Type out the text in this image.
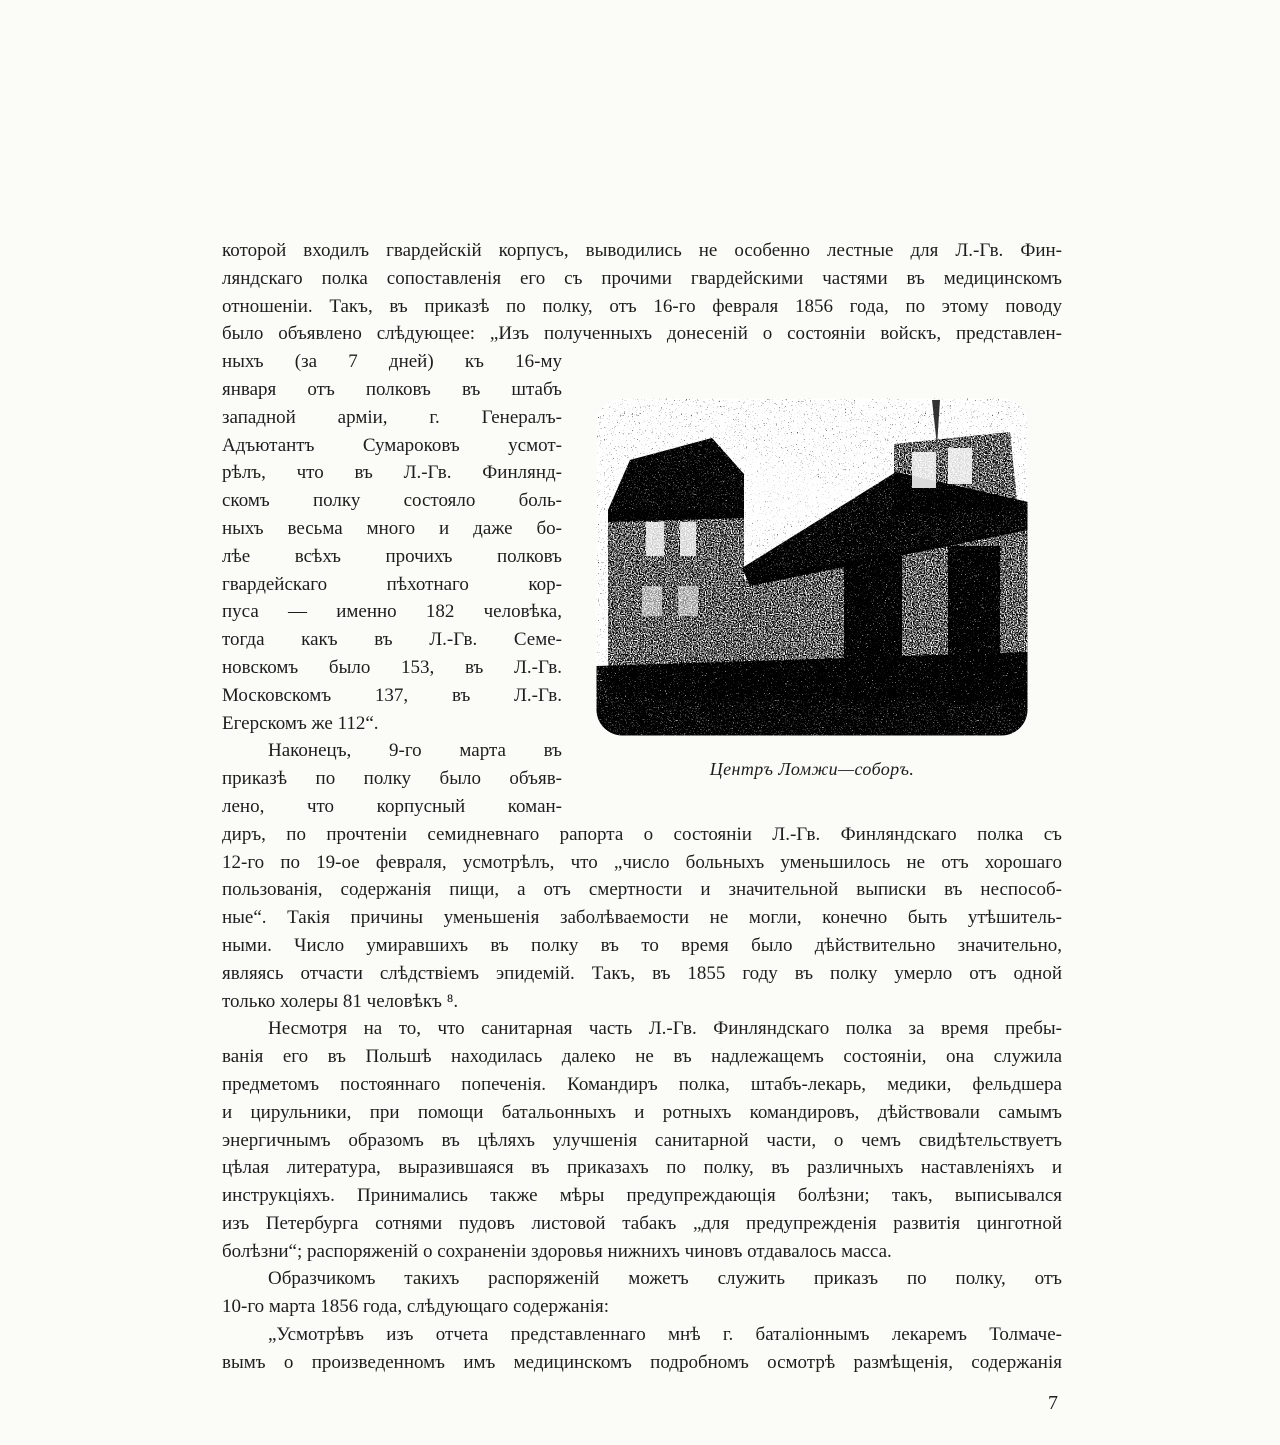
которой входилъ гвардейскій корпусъ, выводились не особенно лестные для Л.-Гв. Фин-
ляндскаго полка сопоставленія его съ прочими гвардейскими частями въ медицинскомъ
отношеніи. Такъ, въ приказѣ по полку, отъ 16-го февраля 1856 года, по этому поводу
было объявлено слѣдующее: „Изъ полученныхъ донесеній о состояніи войскъ, представлен-
Центръ Ломжи—соборъ.
ныхъ (за 7 дней) къ 16-му
января отъ полковъ въ штабъ
западной арміи, г. Генералъ-
Адъютантъ Сумароковъ усмот-
рѣлъ, что въ Л.-Гв. Финлянд-
скомъ полку состояло боль-
ныхъ весьма много и даже бо-
лѣе всѣхъ прочихъ полковъ
гвардейскаго пѣхотнаго кор-
пуса — именно 182 человѣка,
тогда какъ въ Л.-Гв. Семе-
новскомъ было 153, въ Л.-Гв.
Московскомъ 137, въ Л.-Гв.
Егерскомъ же 112“.
Наконецъ, 9-го марта въ
приказѣ по полку было объяв-
лено, что корпусный коман-
диръ, по прочтеніи семидневнаго рапорта о состояніи Л.-Гв. Финляндскаго полка съ
12-го по 19-ое февраля, усмотрѣлъ, что „число больныхъ уменьшилось не отъ хорошаго
пользованія, содержанія пищи, а отъ смертности и значительной выписки въ неспособ-
ные“. Такія причины уменьшенія заболѣваемости не могли, конечно быть утѣшитель-
ными. Число умиравшихъ въ полку въ то время было дѣйствительно значительно,
являясь отчасти слѣдствіемъ эпидемій. Такъ, въ 1855 году въ полку умерло отъ одной
только холеры 81 человѣкъ ⁸.
Несмотря на то, что санитарная часть Л.-Гв. Финляндскаго полка за время пребы-
ванія его въ Польшѣ находилась далеко не въ надлежащемъ состояніи, она служила
предметомъ постояннаго попеченія. Командиръ полка, штабъ-лекарь, медики, фельдшера
и цирульники, при помощи батальонныхъ и ротныхъ командировъ, дѣйствовали самымъ
энергичнымъ образомъ въ цѣляхъ улучшенія санитарной части, о чемъ свидѣтельствуетъ
цѣлая литература, выразившаяся въ приказахъ по полку, въ различныхъ наставленіяхъ и
инструкціяхъ. Принимались также мѣры предупреждающія болѣзни; такъ, выписывался
изъ Петербурга сотнями пудовъ листовой табакъ „для предупрежденія развитія цинготной
болѣзни“; распоряженій о сохраненіи здоровья нижнихъ чиновъ отдавалось масса.
Образчикомъ такихъ распоряженій можетъ служить приказъ по полку, отъ
10-го марта 1856 года, слѣдующаго содержанія:
„Усмотрѣвъ изъ отчета представленнаго мнѣ г. баталіоннымъ лекаремъ Толмаче-
вымъ о произведенномъ имъ медицинскомъ подробномъ осмотрѣ размѣщенія, содержанія
7
